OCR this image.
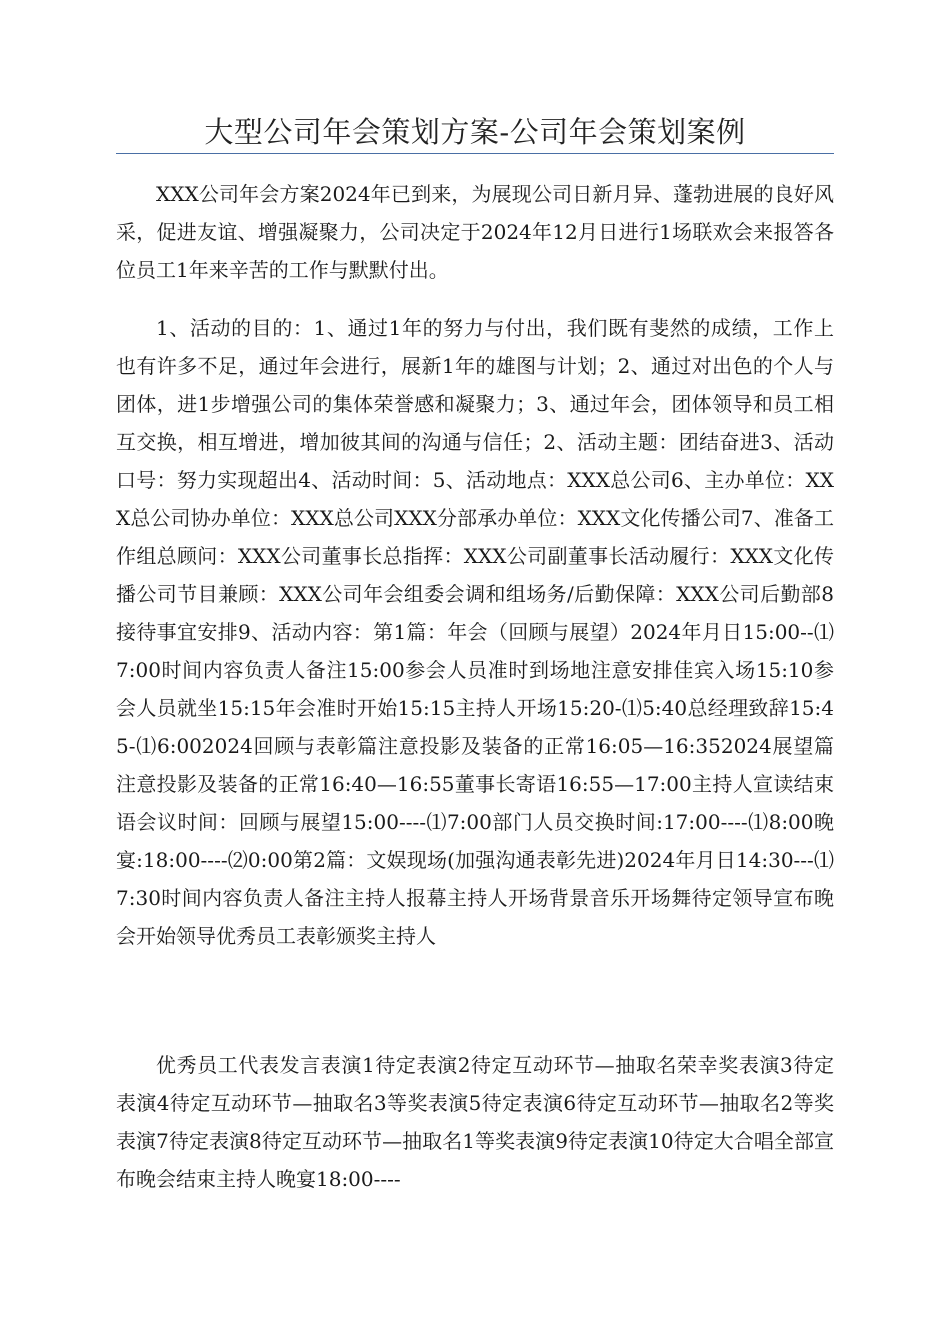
大型公司年会策划方案-公司年会策划案例

XXX公司年会方案2024年已到来，为展现公司日新月异、蓬勃进展的良好风采，促进友谊、增强凝聚力，公司决定于2024年12月日进行1场联欢会来报答各位员工1年来辛苦的工作与默默付出。

1、活动的目的：1、通过1年的努力与付出，我们既有斐然的成绩，工作上也有许多不足，通过年会进行，展新1年的雄图与计划；2、通过对出色的个人与团体，进1步增强公司的集体荣誉感和凝聚力；3、通过年会，团体领导和员工相互交换，相互增进，增加彼其间的沟通与信任；2、活动主题：团结奋进3、活动口号：努力实现超出4、活动时间：5、活动地点：XXX总公司6、主办单位：XXX总公司协办单位：XXX总公司XXX分部承办单位：XXX文化传播公司7、准备工作组总顾问：XXX公司董事长总指挥：XXX公司副董事长活动履行：XXX文化传播公司节目兼顾：XXX公司年会组委会调和组场务/后勤保障：XXX公司后勤部8接待事宜安排9、活动内容：第1篇：年会（回顾与展望）2024年月日15:00--⑴7:00时间内容负责人备注15:00参会人员准时到场地注意安排佳宾入场15:10参会人员就坐15:15年会准时开始15:15主持人开场15:20-⑴5:40总经理致辞15:45-⑴6:002024回顾与表彰篇注意投影及装备的正常16:05—16:352024展望篇注意投影及装备的正常16:40—16:55董事长寄语16:55—17:00主持人宣读结束语会议时间：回顾与展望15:00----⑴7:00部门人员交换时间:17:00----⑴8:00晚宴:18:00----⑵0:00第2篇：文娱现场(加强沟通表彰先进)2024年月日14:30---⑴7:30时间内容负责人备注主持人报幕主持人开场背景音乐开场舞待定领导宣布晚会开始领导优秀员工表彰颁奖主持人

优秀员工代表发言表演1待定表演2待定互动环节—抽取名荣幸奖表演3待定表演4待定互动环节—抽取名3等奖表演5待定表演6待定互动环节—抽取名2等奖表演7待定表演8待定互动环节—抽取名1等奖表演9待定表演10待定大合唱全部宣布晚会结束主持人晚宴18:00----
